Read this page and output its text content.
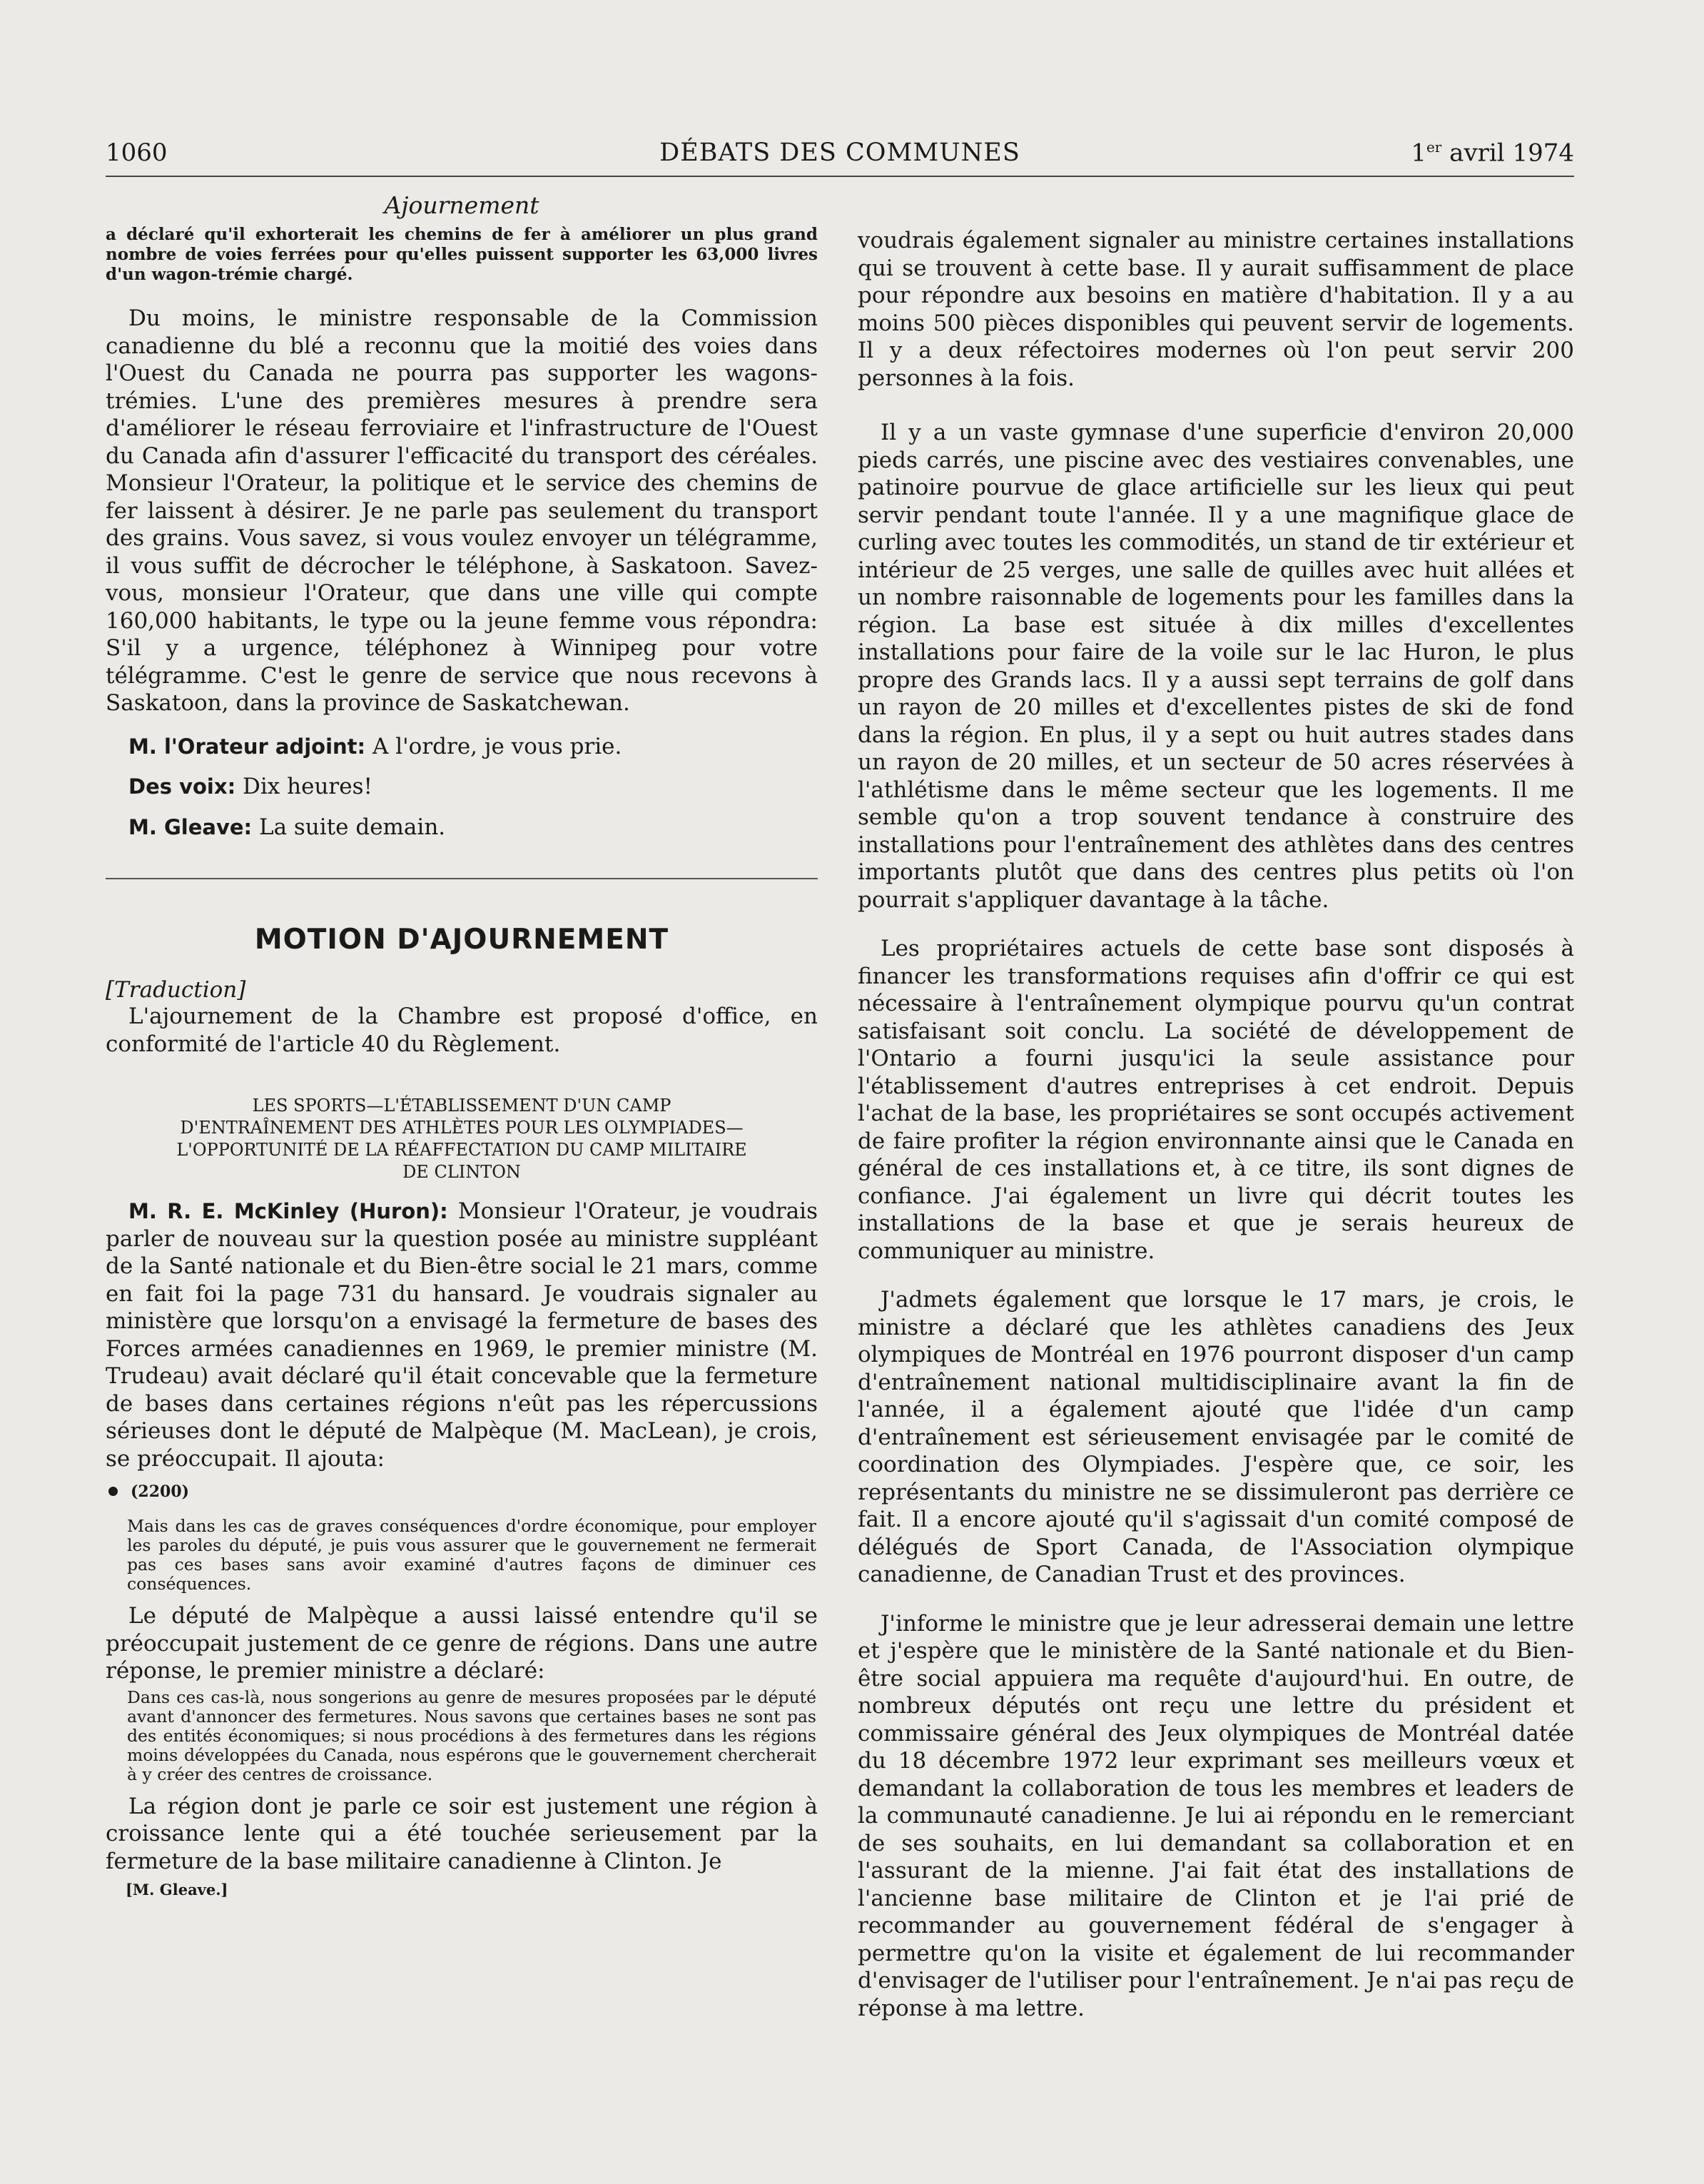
1060	DÉBATS DES COMMUNES	1er avril 1974
Ajournement

a déclaré qu'il exhorterait les chemins de fer à améliorer un plus grand nombre de voies ferrées pour qu'elles puissent supporter les 63,000 livres d'un wagon-trémie chargé.

Du moins, le ministre responsable de la Commission canadienne du blé a reconnu que la moitié des voies dans l'Ouest du Canada ne pourra pas supporter les wagons-trémies. L'une des premières mesures à prendre sera d'améliorer le réseau ferroviaire et l'infrastructure de l'Ouest du Canada afin d'assurer l'efficacité du transport des céréales. Monsieur l'Orateur, la politique et le service des chemins de fer laissent à désirer. Je ne parle pas seulement du transport des grains. Vous savez, si vous voulez envoyer un télégramme, il vous suffit de décrocher le téléphone, à Saskatoon. Savez-vous, monsieur l'Orateur, que dans une ville qui compte 160,000 habitants, le type ou la jeune femme vous répondra: S'il y a urgence, téléphonez à Winnipeg pour votre télégramme. C'est le genre de service que nous recevons à Saskatoon, dans la province de Saskatchewan.

M. l'Orateur adjoint: A l'ordre, je vous prie.

Des voix: Dix heures!

M. Gleave: La suite demain.

MOTION D'AJOURNEMENT

[Traduction]

L'ajournement de la Chambre est proposé d'office, en conformité de l'article 40 du Règlement.

LES SPORTS—L'ÉTABLISSEMENT D'UN CAMP
D'ENTRAÎNEMENT DES ATHLÈTES POUR LES OLYMPIADES—
L'OPPORTUNITÉ DE LA RÉAFFECTATION DU CAMP MILITAIRE
DE CLINTON

M. R. E. McKinley (Huron): Monsieur l'Orateur, je voudrais parler de nouveau sur la question posée au ministre suppléant de la Santé nationale et du Bien-être social le 21 mars, comme en fait foi la page 731 du hansard. Je voudrais signaler au ministère que lorsqu'on a envisagé la fermeture de bases des Forces armées canadiennes en 1969, le premier ministre (M. Trudeau) avait déclaré qu'il était concevable que la fermeture de bases dans certaines régions n'eût pas les répercussions sérieuses dont le député de Malpèque (M. MacLean), je crois, se préoccupait. Il ajouta:

(2200)

Mais dans les cas de graves conséquences d'ordre économique, pour employer les paroles du député, je puis vous assurer que le gouvernement ne fermerait pas ces bases sans avoir examiné d'autres façons de diminuer ces conséquences.

Le député de Malpèque a aussi laissé entendre qu'il se préoccupait justement de ce genre de régions. Dans une autre réponse, le premier ministre a déclaré:

Dans ces cas-là, nous songerions au genre de mesures proposées par le député avant d'annoncer des fermetures. Nous savons que certaines bases ne sont pas des entités économiques; si nous procédions à des fermetures dans les régions moins développées du Canada, nous espérons que le gouvernement chercherait à y créer des centres de croissance.

La région dont je parle ce soir est justement une région à croissance lente qui a été touchée serieusement par la fermeture de la base militaire canadienne à Clinton. Je

[M. Gleave.]

voudrais également signaler au ministre certaines installations qui se trouvent à cette base. Il y aurait suffisamment de place pour répondre aux besoins en matière d'habitation. Il y a au moins 500 pièces disponibles qui peuvent servir de logements. Il y a deux réfectoires modernes où l'on peut servir 200 personnes à la fois.

Il y a un vaste gymnase d'une superficie d'environ 20,000 pieds carrés, une piscine avec des vestiaires convenables, une patinoire pourvue de glace artificielle sur les lieux qui peut servir pendant toute l'année. Il y a une magnifique glace de curling avec toutes les commodités, un stand de tir extérieur et intérieur de 25 verges, une salle de quilles avec huit allées et un nombre raisonnable de logements pour les familles dans la région. La base est située à dix milles d'excellentes installations pour faire de la voile sur le lac Huron, le plus propre des Grands lacs. Il y a aussi sept terrains de golf dans un rayon de 20 milles et d'excellentes pistes de ski de fond dans la région. En plus, il y a sept ou huit autres stades dans un rayon de 20 milles, et un secteur de 50 acres réservées à l'athlétisme dans le même secteur que les logements. Il me semble qu'on a trop souvent tendance à construire des installations pour l'entraînement des athlètes dans des centres importants plutôt que dans des centres plus petits où l'on pourrait s'appliquer davantage à la tâche.

Les propriétaires actuels de cette base sont disposés à financer les transformations requises afin d'offrir ce qui est nécessaire à l'entraînement olympique pourvu qu'un contrat satisfaisant soit conclu. La société de développement de l'Ontario a fourni jusqu'ici la seule assistance pour l'établissement d'autres entreprises à cet endroit. Depuis l'achat de la base, les propriétaires se sont occupés activement de faire profiter la région environnante ainsi que le Canada en général de ces installations et, à ce titre, ils sont dignes de confiance. J'ai également un livre qui décrit toutes les installations de la base et que je serais heureux de communiquer au ministre.

J'admets également que lorsque le 17 mars, je crois, le ministre a déclaré que les athlètes canadiens des Jeux olympiques de Montréal en 1976 pourront disposer d'un camp d'entraînement national multidisciplinaire avant la fin de l'année, il a également ajouté que l'idée d'un camp d'entraînement est sérieusement envisagée par le comité de coordination des Olympiades. J'espère que, ce soir, les représentants du ministre ne se dissimuleront pas derrière ce fait. Il a encore ajouté qu'il s'agissait d'un comité composé de délégués de Sport Canada, de l'Association olympique canadienne, de Canadian Trust et des provinces.

J'informe le ministre que je leur adresserai demain une lettre et j'espère que le ministère de la Santé nationale et du Bien-être social appuiera ma requête d'aujourd'hui. En outre, de nombreux députés ont reçu une lettre du président et commissaire général des Jeux olympiques de Montréal datée du 18 décembre 1972 leur exprimant ses meilleurs vœux et demandant la collaboration de tous les membres et leaders de la communauté canadienne. Je lui ai répondu en le remerciant de ses souhaits, en lui demandant sa collaboration et en l'assurant de la mienne. J'ai fait état des installations de l'ancienne base militaire de Clinton et je l'ai prié de recommander au gouvernement fédéral de s'engager à permettre qu'on la visite et également de lui recommander d'envisager de l'utiliser pour l'entraînement. Je n'ai pas reçu de réponse à ma lettre.
